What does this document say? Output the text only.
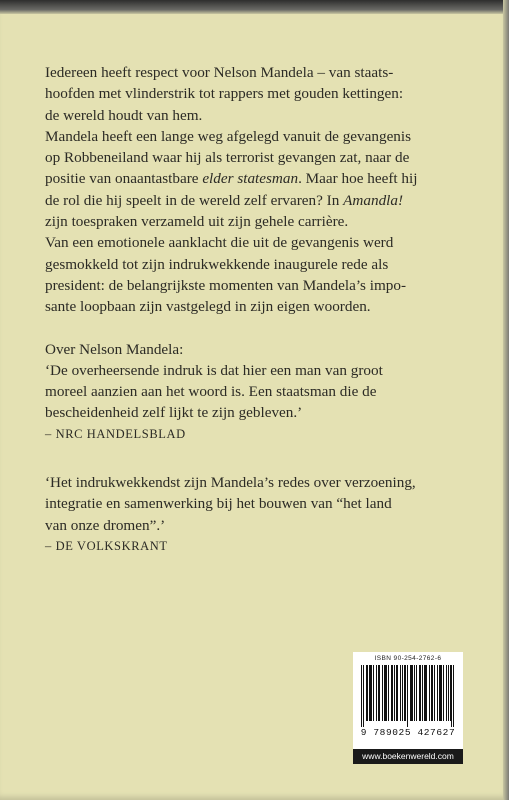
Iedereen heeft respect voor Nelson Mandela – van staats-

hoofden met vlinderstrik tot rappers met gouden kettingen:

de wereld houdt van hem.

Mandela heeft een lange weg afgelegd vanuit de gevangenis

op Robbeneiland waar hij als terrorist gevangen zat, naar de

positie van onaantastbare elder statesman. Maar hoe heeft hij

de rol die hij speelt in de wereld zelf ervaren? In Amandla!

zijn toespraken verzameld uit zijn gehele carrière.

Van een emotionele aanklacht die uit de gevangenis werd

gesmokkeld tot zijn indrukwekkende inaugurele rede als

president: de belangrijkste momenten van Mandela’s impo-

sante loopbaan zijn vastgelegd in zijn eigen woorden.

Over Nelson Mandela:

‘De overheersende indruk is dat hier een man van groot

moreel aanzien aan het woord is. Een staatsman die de

bescheidenheid zelf lijkt te zijn gebleven.’

– NRC HANDELSBLAD

‘Het indrukwekkendst zijn Mandela’s redes over verzoening,

integratie en samenwerking bij het bouwen van “het land

van onze dromen”.’

– DE VOLKSKRANT

ISBN 90-254-2762-6
9 789025 427627
www.boekenwereld.com
